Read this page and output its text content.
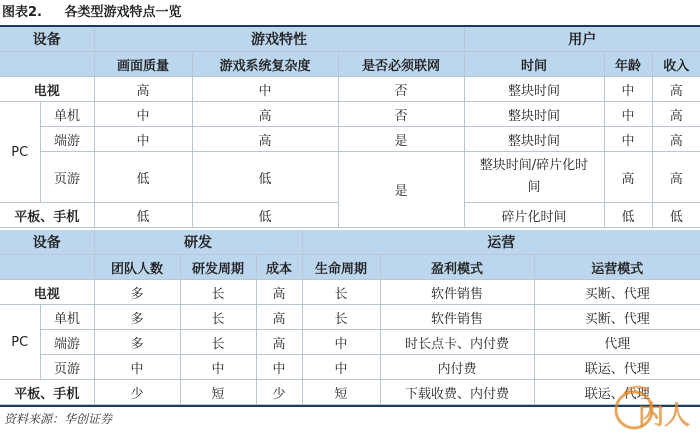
图表2. 各类型游戏特点一览
设备		游戏特性			用户		
		画面质量	游戏系统复杂度	是否必须联网	时间	年龄	收入
电视		高	中	否	整块时间	中	高
PC	单机	中	高	否	整块时间	中	高
	端游	中	高	是	整块时间	中	高
	页游	低	低	是	整块时间/碎片化时间	高	高
平板、手机		低	低		碎片化时间	低	低
设备		研发			运营		
		团队人数	研发周期	成本	生命周期	盈利模式	运营模式
电视		多	长	高	长	软件销售	买断、代理
PC	单机	多	长	高	长	软件销售	买断、代理
	端游	多	长	高	中	时长点卡、内付费	代理
	页游	中	中	中	中	内付费	联运、代理
平板、手机		少	短	少	短	下载收费、内付费	联运、代理
资料来源：华创证券	内人
